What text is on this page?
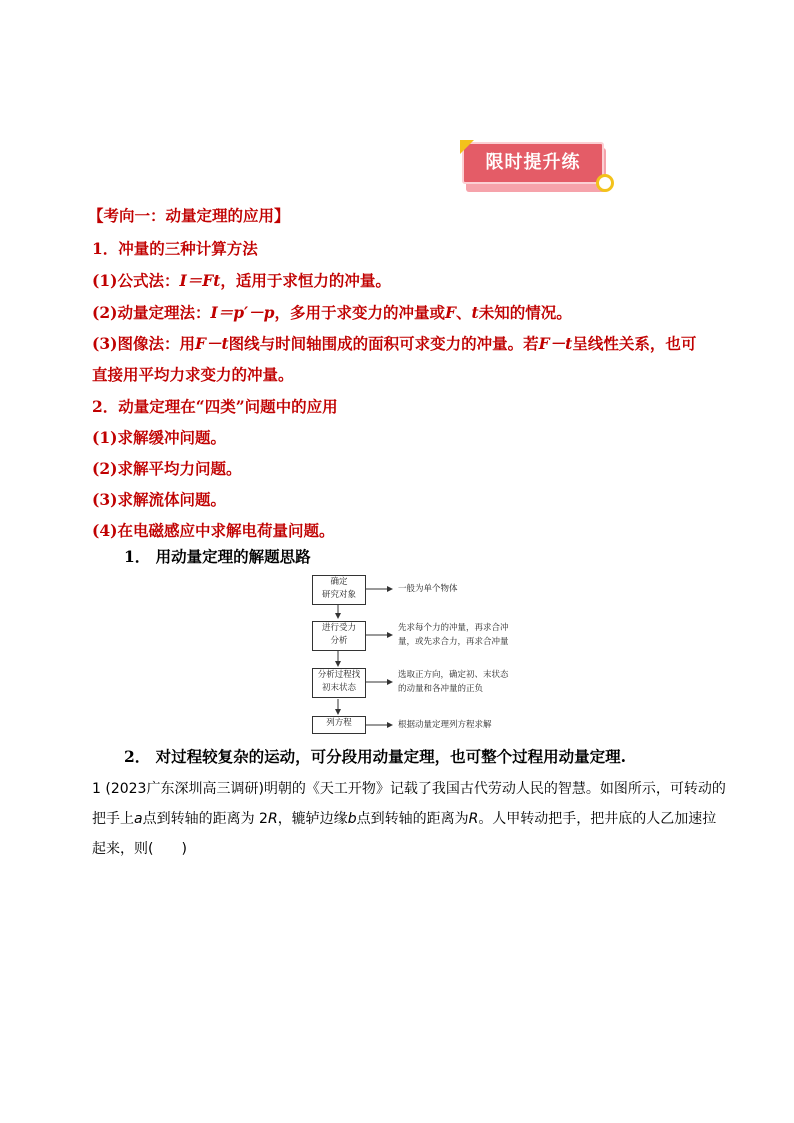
限时提升练
【考向一：动量定理的应用】
1．冲量的三种计算方法
(1)公式法：I＝Ft，适用于求恒力的冲量。
(2)动量定理法：I＝p′－p，多用于求变力的冲量或F、t未知的情况。
(3)图像法：用F－t图线与时间轴围成的面积可求变力的冲量。若F－t呈线性关系，也可
直接用平均力求变力的冲量。
2．动量定理在“四类”问题中的应用
(1)求解缓冲问题。
(2)求解平均力问题。
(3)求解流体问题。
(4)在电磁感应中求解电荷量问题。
1． 用动量定理的解题思路
确定
研究对象
进行受力
分析
分析过程找
初末状态
列方程
一般为单个物体
先求每个力的冲量，再求合冲
量，或先求合力，再求合冲量
选取正方向，确定初、末状态
的动量和各冲量的正负
根据动量定理列方程求解
2． 对过程较复杂的运动，可分段用动量定理，也可整个过程用动量定理.
1 (2023广东深圳高三调研)明朝的《天工开物》记载了我国古代劳动人民的智慧。如图所示，可转动的
把手上a点到转轴的距离为 2R，辘轳边缘b点到转轴的距离为R。人甲转动把手，把井底的人乙加速拉
起来，则(　　)
